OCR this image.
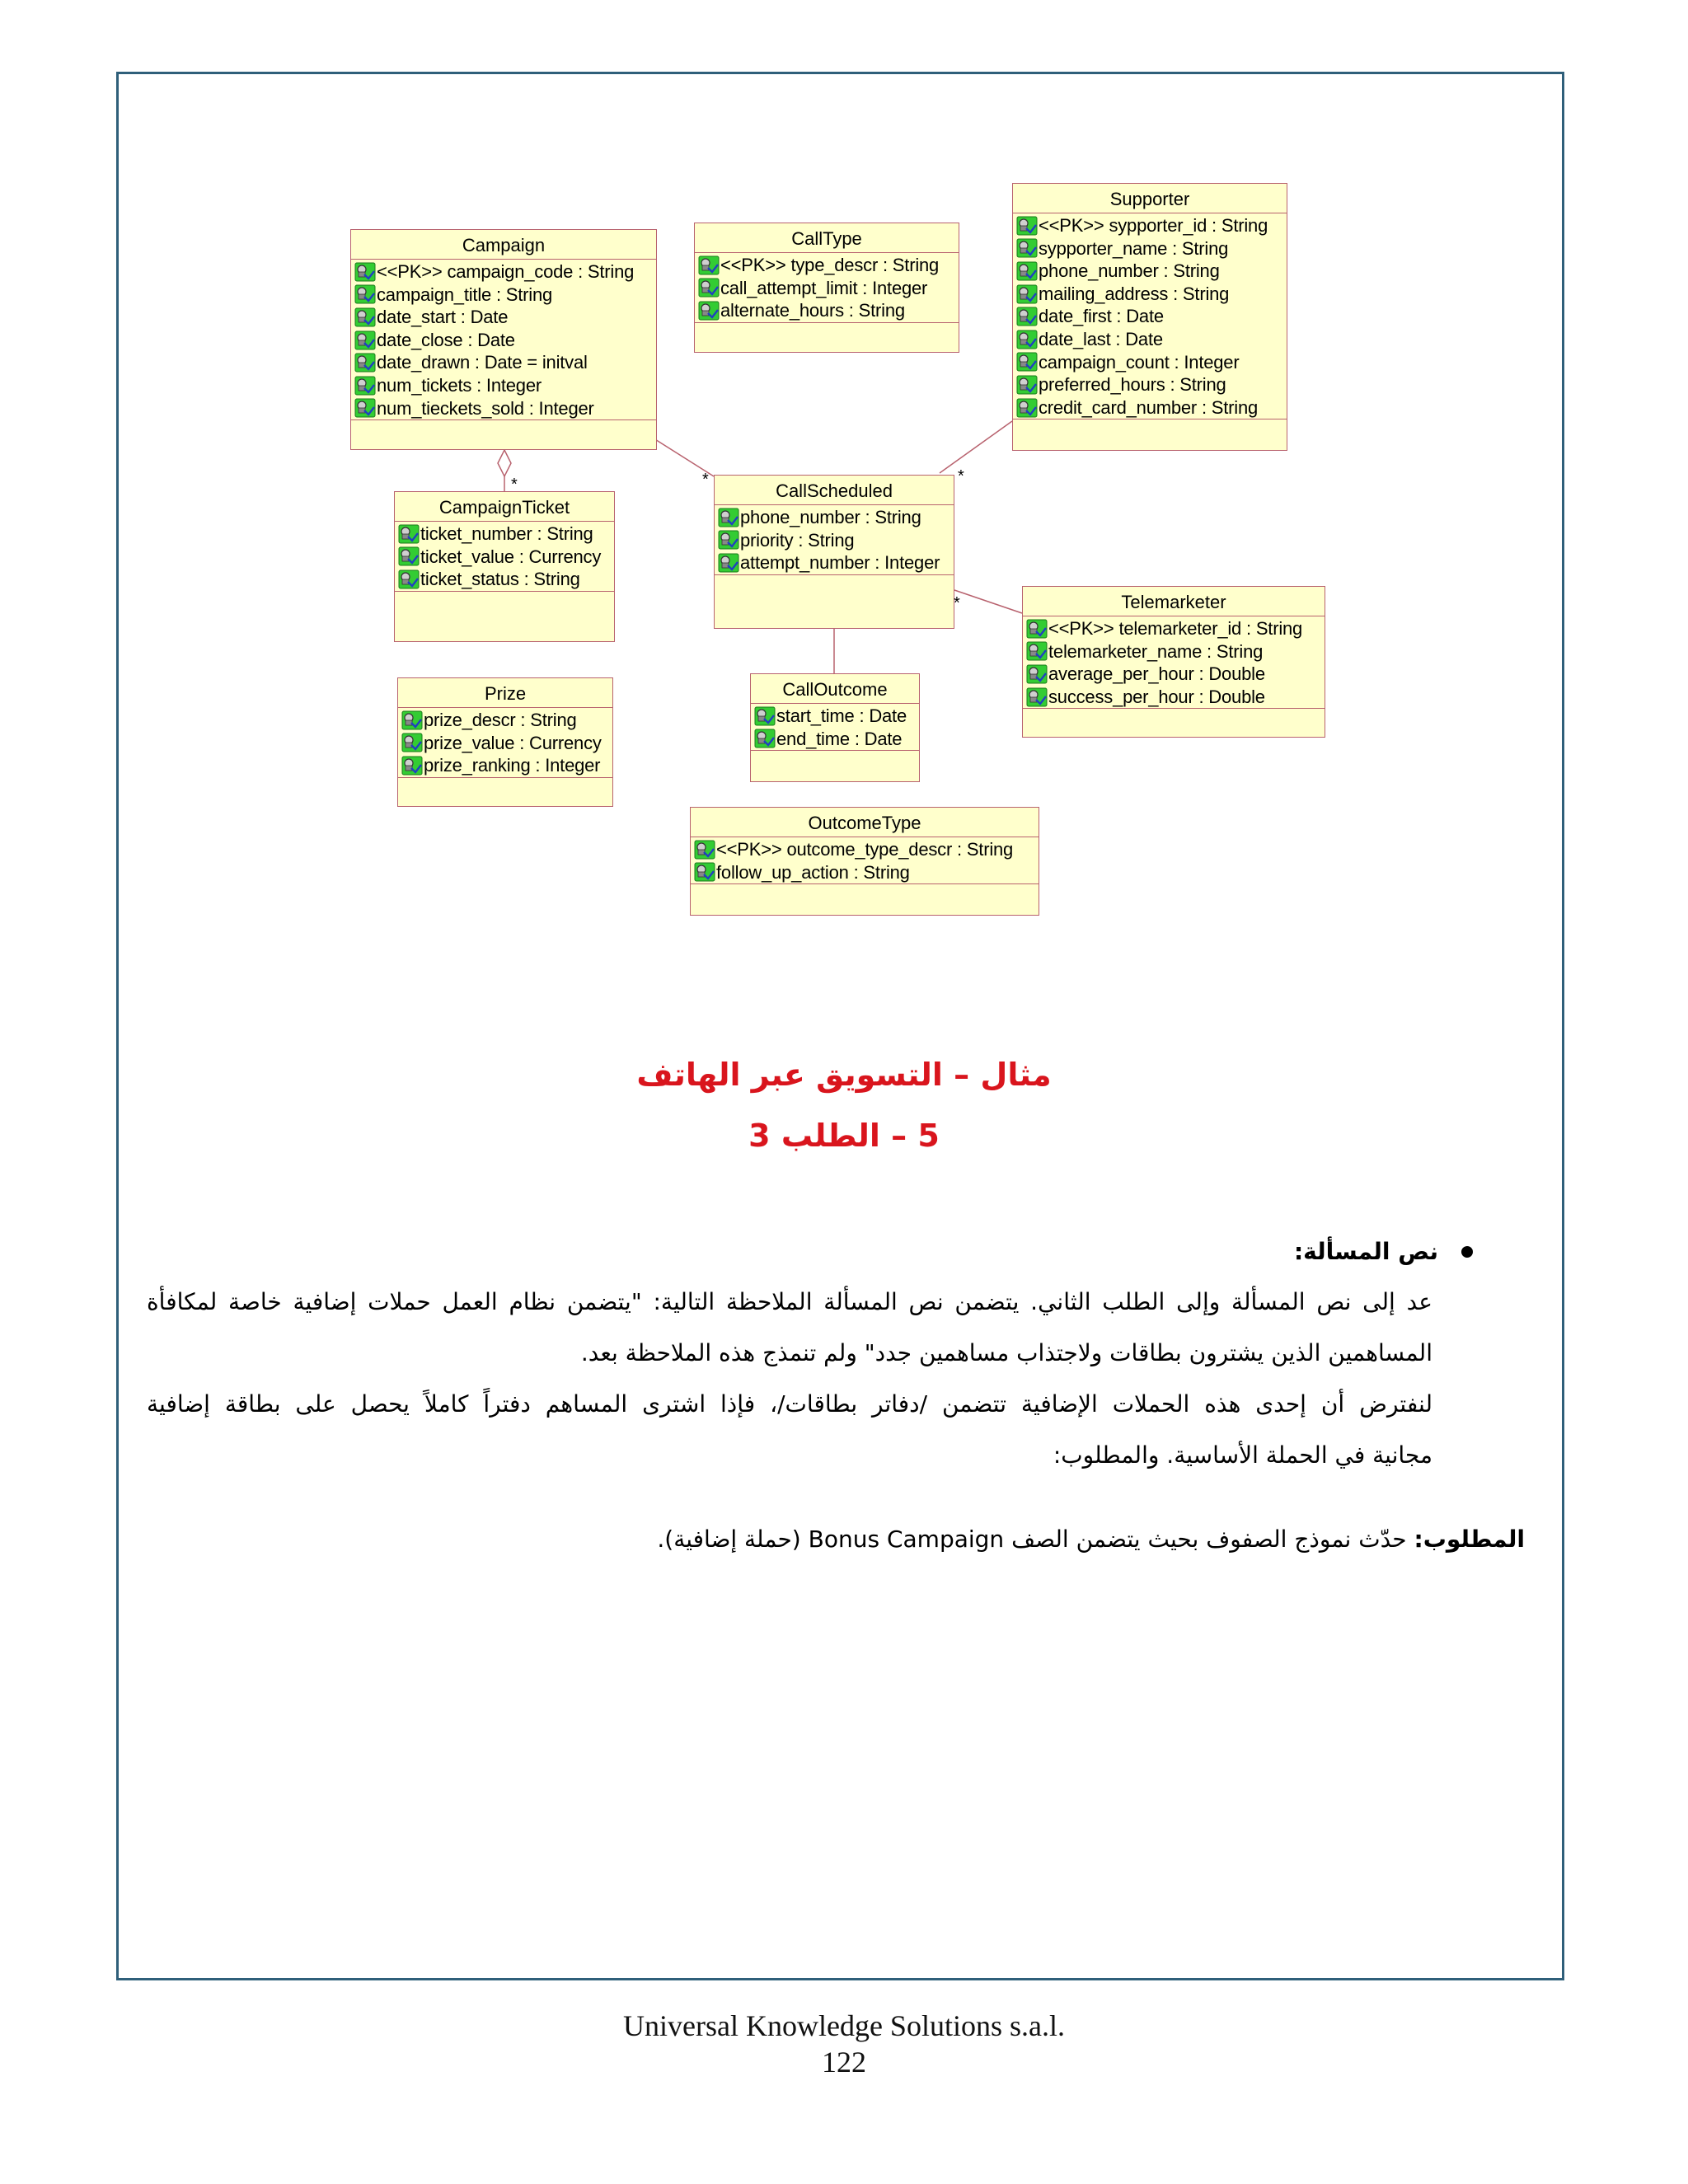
Campaign
<<PK>> campaign_code : String
campaign_title : String
date_start : Date
date_close : Date
date_drawn : Date = initval
num_tickets : Integer
num_tieckets_sold : Integer
CallType
<<PK>> type_descr : String
call_attempt_limit : Integer
alternate_hours : String
Supporter
<<PK>> sypporter_id : String
sypporter_name : String
phone_number : String
mailing_address : String
date_first : Date
date_last : Date
campaign_count : Integer
preferred_hours : String
credit_card_number : String
CampaignTicket
ticket_number : String
ticket_value : Currency
ticket_status : String
CallScheduled
phone_number : String
priority : String
attempt_number : Integer
Telemarketer
<<PK>> telemarketer_id : String
telemarketer_name : String
average_per_hour : Double
success_per_hour : Double
Prize
prize_descr : String
prize_value : Currency
prize_ranking : Integer
CallOutcome
start_time : Date
end_time : Date
OutcomeType
<<PK>> outcome_type_descr : String
follow_up_action : String
*	*	*
*
مثال – التسويق عبر الهاتف
5 – الطلب 3
نص المسألة:
عد إلى نص المسألة وإلى الطلب الثاني. يتضمن نص المسألة الملاحظة التالية: "يتضمن نظام العمل حملات إضافية خاصة لمكافأة
المساهمين الذين يشترون بطاقات ولاجتذاب مساهمين جدد" ولم تنمذج هذه الملاحظة بعد.
لنفترض أن إحدى هذه الحملات الإضافية تتضمن /دفاتر بطاقات/، فإذا اشترى المساهم دفتراً كاملاً يحصل على بطاقة إضافية
مجانية في الحملة الأساسية. والمطلوب:
المطلوب: حدّث نموذج الصفوف بحيث يتضمن الصف Bonus Campaign (حملة إضافية).
Universal Knowledge Solutions s.a.l.
122
